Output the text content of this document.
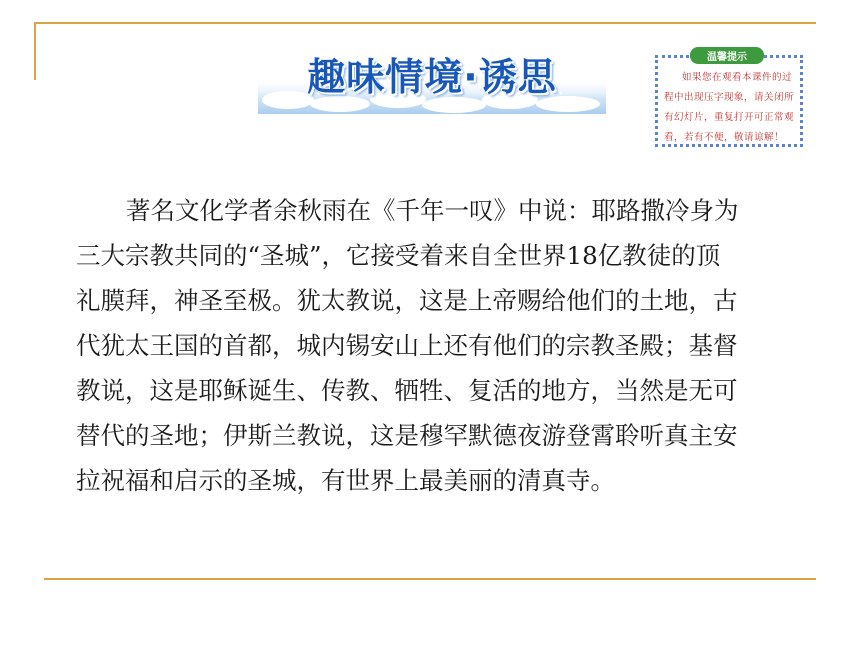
趣味情境·诱思	温馨提示
如果您在观看本课件的过
程中出现压字现象，请关闭所
有幻灯片，重复打开可正常观
看，若有不便，敬请谅解！
著名文化学者余秋雨在《千年一叹》中说：耶路撒冷身为
三大宗教共同的“圣城”，它接受着来自全世界18亿教徒的顶
礼膜拜，神圣至极。犹太教说，这是上帝赐给他们的土地，古
代犹太王国的首都，城内锡安山上还有他们的宗教圣殿；基督
教说，这是耶稣诞生、传教、牺牲、复活的地方，当然是无可
替代的圣地；伊斯兰教说，这是穆罕默德夜游登霄聆听真主安
拉祝福和启示的圣城，有世界上最美丽的清真寺。
